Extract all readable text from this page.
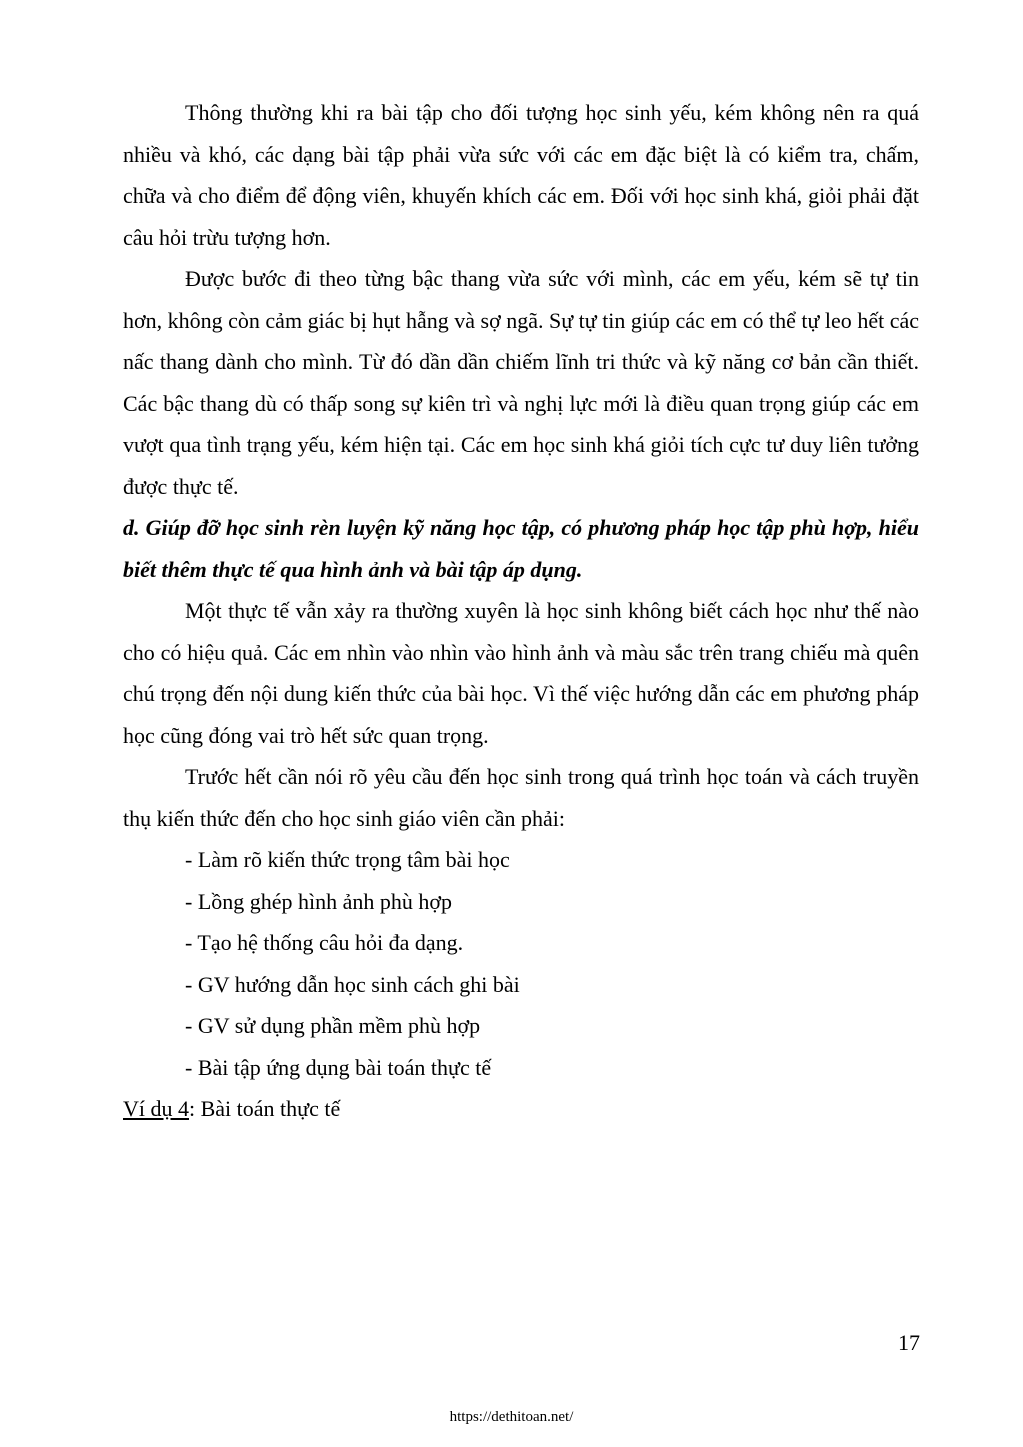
Thông thường khi ra bài tập cho đối tượng học sinh yếu, kém không nên ra quá nhiều và khó, các dạng bài tập phải vừa sức với các em đặc biệt là có kiểm tra, chấm, chữa và cho điểm để động viên, khuyến khích các em. Đối với học sinh khá, giỏi phải đặt câu hỏi trừu tượng hơn.

Được bước đi theo từng bậc thang vừa sức với mình, các em yếu, kém sẽ tự tin hơn, không còn cảm giác bị hụt hẫng và sợ ngã. Sự tự tin giúp các em có thể tự leo hết các nấc thang dành cho mình. Từ đó dần dần chiếm lĩnh tri thức và kỹ năng cơ bản cần thiết. Các bậc thang dù có thấp song sự kiên trì và nghị lực mới là điều quan trọng giúp các em vượt qua tình trạng yếu, kém hiện tại. Các em học sinh khá giỏi tích cực tư duy liên tưởng được thực tế.

d. Giúp đỡ học sinh rèn luyện kỹ năng học tập, có phương pháp học tập phù hợp, hiểu biết thêm thực tế qua hình ảnh và bài tập áp dụng.

Một thực tế vẫn xảy ra thường xuyên là học sinh không biết cách học như thế nào cho có hiệu quả. Các em nhìn vào nhìn vào hình ảnh và màu sắc trên trang chiếu mà quên chú trọng đến nội dung kiến thức của bài học. Vì thế việc hướng dẫn các em phương pháp học cũng đóng vai trò hết sức quan trọng.

Trước hết cần nói rõ yêu cầu đến học sinh trong quá trình học toán và cách truyền thụ kiến thức đến cho học sinh giáo viên cần phải:

- Làm rõ kiến thức trọng tâm bài học
- Lồng ghép hình ảnh phù hợp
- Tạo hệ thống câu hỏi đa dạng.
- GV hướng dẫn học sinh cách ghi bài
- GV sử dụng phần mềm phù hợp
- Bài tập ứng dụng bài toán thực tế

Ví dụ 4: Bài toán thực tế

17
https://dethitoan.net/
